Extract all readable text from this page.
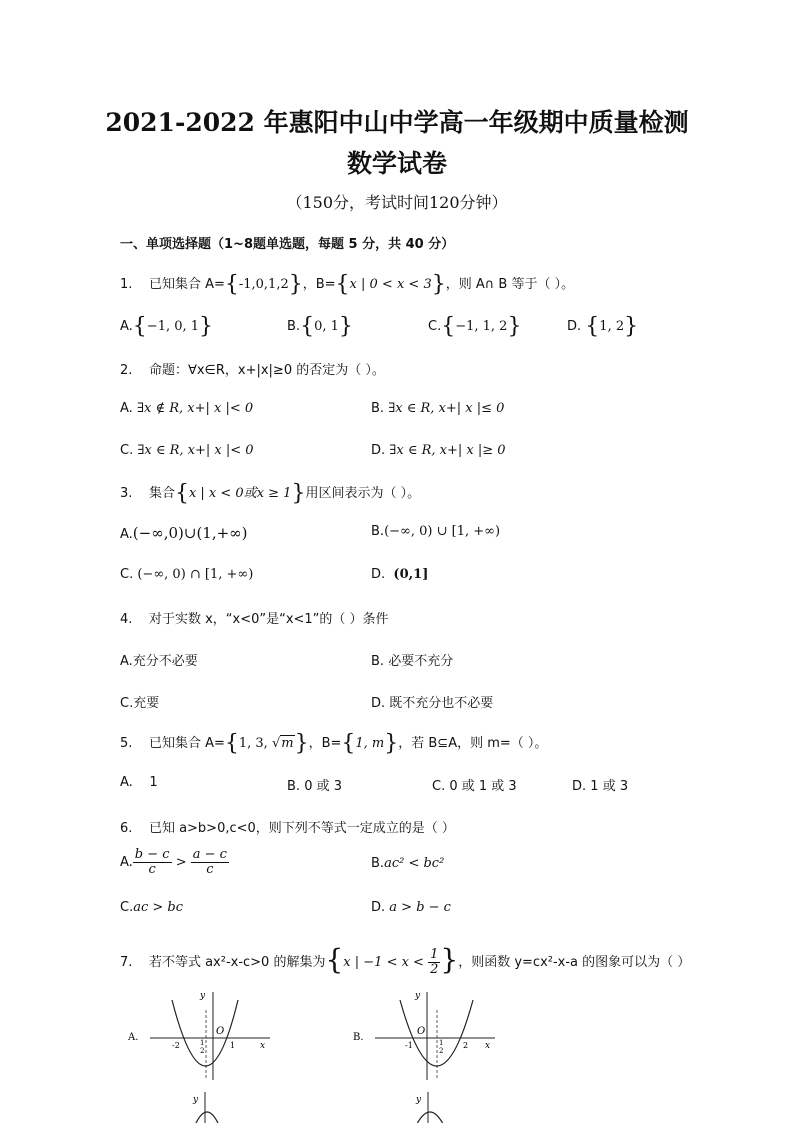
2021-2022 年惠阳中山中学高一年级期中质量检测
数学试卷
（150分，考试时间120分钟）
一、单项选择题（1~8题单选题，每题 5 分，共 40 分）
1. 已知集合 A={-1,0,1,2}，B={x | 0 < x < 3}，则 A∩ B 等于（ ）。
A.{−1, 0, 1}	B.{0, 1}	C.{−1, 1, 2}	D. {1, 2}
2. 命题：∀x∈R，x+|x|≥0 的否定为（ ）。
A. ∃x ∉ R, x+| x |< 0	B. ∃x ∈ R, x+| x |≤ 0
C. ∃x ∈ R, x+| x |< 0	D. ∃x ∈ R, x+| x |≥ 0
3. 集合{x | x < 0或x ≥ 1}用区间表示为（ ）。
A.(−∞,0)∪(1,+∞)	B.(−∞, 0) ∪ [1, +∞)
C. (−∞, 0) ∩ [1, +∞)	D. (0,1]
4. 对于实数 x，“x<0”是“x<1”的（ ）条件
A.充分不必要	B. 必要不充分
C.充要	D. 既不充分也不必要
5. 已知集合 A={1, 3, √m}，B={1, m}，若 B⊆A，则 m=（ ）。
A. 1	B. 0 或 3	C. 0 或 1 或 3	D. 1 或 3
6. 已知 a>b>0,c<0，则下列不等式一定成立的是（ ）
A. $\frac{b - c}{c} > \frac{a - c}{c}$	B.ac² < bc²
C.ac > bc	D. a > b − c
7. 若不等式 ax²-x-c>0 的解集为{x | $-1 < x < \frac{1}{2}$ }，则函数 y=cx²-x-a 的图象可以为（ ）
A.
x
y
O
-2	1
2
1
B.
x
y
O
-1	1
2
2
y	y
